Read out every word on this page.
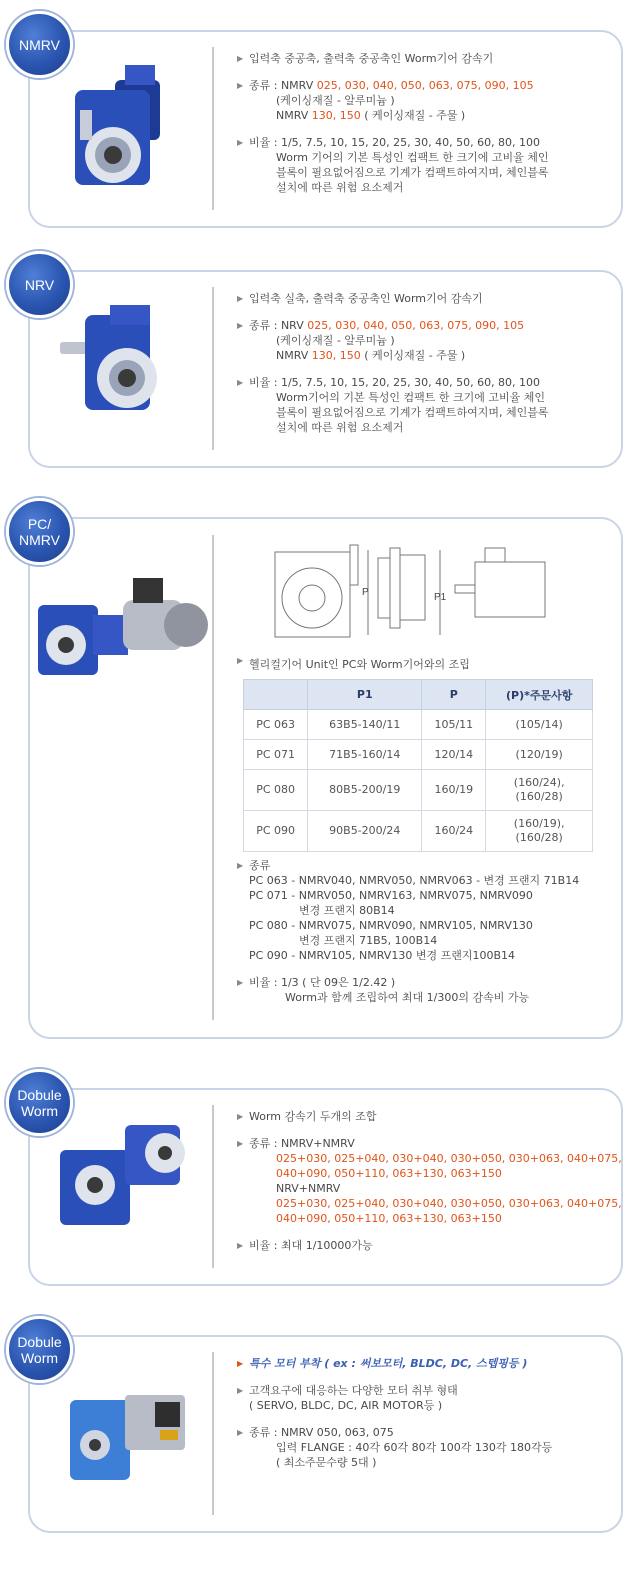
NMRV
▶ 입력축 중공축, 출력축 중공축인 Worm기어 감속기
▶ 종류 : NMRV 025, 030, 040, 050, 063, 075, 090, 105
(케이싱재질 - 알루미늄 )
NMRV 130, 150 ( 케이싱재질 - 주물 )
▶ 비율 : 1/5, 7.5, 10, 15, 20, 25, 30, 40, 50, 60, 80, 100
Worm 기어의 기본 특성인 컴팩트 한 크기에 고비율 체인
블록이 필요없어짐으로 기계가 컴팩트하여지며, 체인블록
설치에 따른 위험 요소제거
NRV
▶ 입력축 실축, 출력축 중공축인 Worm기어 감속기
▶ 종류 : NRV 025, 030, 040, 050, 063, 075, 090, 105
(케이싱재질 - 알루미늄 )
NMRV 130, 150 ( 케이싱재질 - 주물 )
▶ 비율 : 1/5, 7.5, 10, 15, 20, 25, 30, 40, 50, 60, 80, 100
Worm기어의 기본 특성인 컴팩트 한 크기에 고비율 체인
블록이 필요없어짐으로 기계가 컴팩트하여지며, 체인블록
설치에 따른 위험 요소제거
PC/ NMRV
P	P1
▶ 헬리컬기어 Unit인 PC와 Worm기어와의 조립
	P1	P	(P)*주문사항
PC 063	63B5-140/11	105/11	(105/14)
PC 071	71B5-160/14	120/14	(120/19)
PC 080	80B5-200/19	160/19	(160/24),
(160/28)
PC 090	90B5-200/24	160/24	(160/19),
(160/28)
▶ 종류
PC 063 - NMRV040, NMRV050, NMRV063 - 변경 프랜지 71B14
PC 071 - NMRV050, NMRV163, NMRV075, NMRV090
변경 프랜지 80B14
PC 080 - NMRV075, NMRV090, NMRV105, NMRV130
변경 프랜지 71B5, 100B14
PC 090 - NMRV105, NMRV130 변경 프랜지100B14
▶ 비율 : 1/3 ( 단 09은 1/2.42 )
Worm과 함께 조립하여 최대 1/300의 감속비 가능
Dobule Worm	▶ Worm 감속기 두개의 조합
▶ 종류 : NMRV+NMRV
025+030, 025+040, 030+040, 030+050, 030+063, 040+075,
040+090, 050+110, 063+130, 063+150
NRV+NMRV
025+030, 025+040, 030+040, 030+050, 030+063, 040+075,
040+090, 050+110, 063+130, 063+150
▶ 비율 : 최대 1/10000가능
Dobule Worm	▶ 특수 모터 부착 ( ex : 써보모터, BLDC, DC, 스텝핑등 )
▶ 고객요구에 대응하는 다양한 모터 취부 형태
( SERVO, BLDC, DC, AIR MOTOR등 )
▶ 종류 : NMRV 050, 063, 075
입력 FLANGE : 40각 60각 80각 100각 130각 180각등
( 최소주문수량 5대 )
